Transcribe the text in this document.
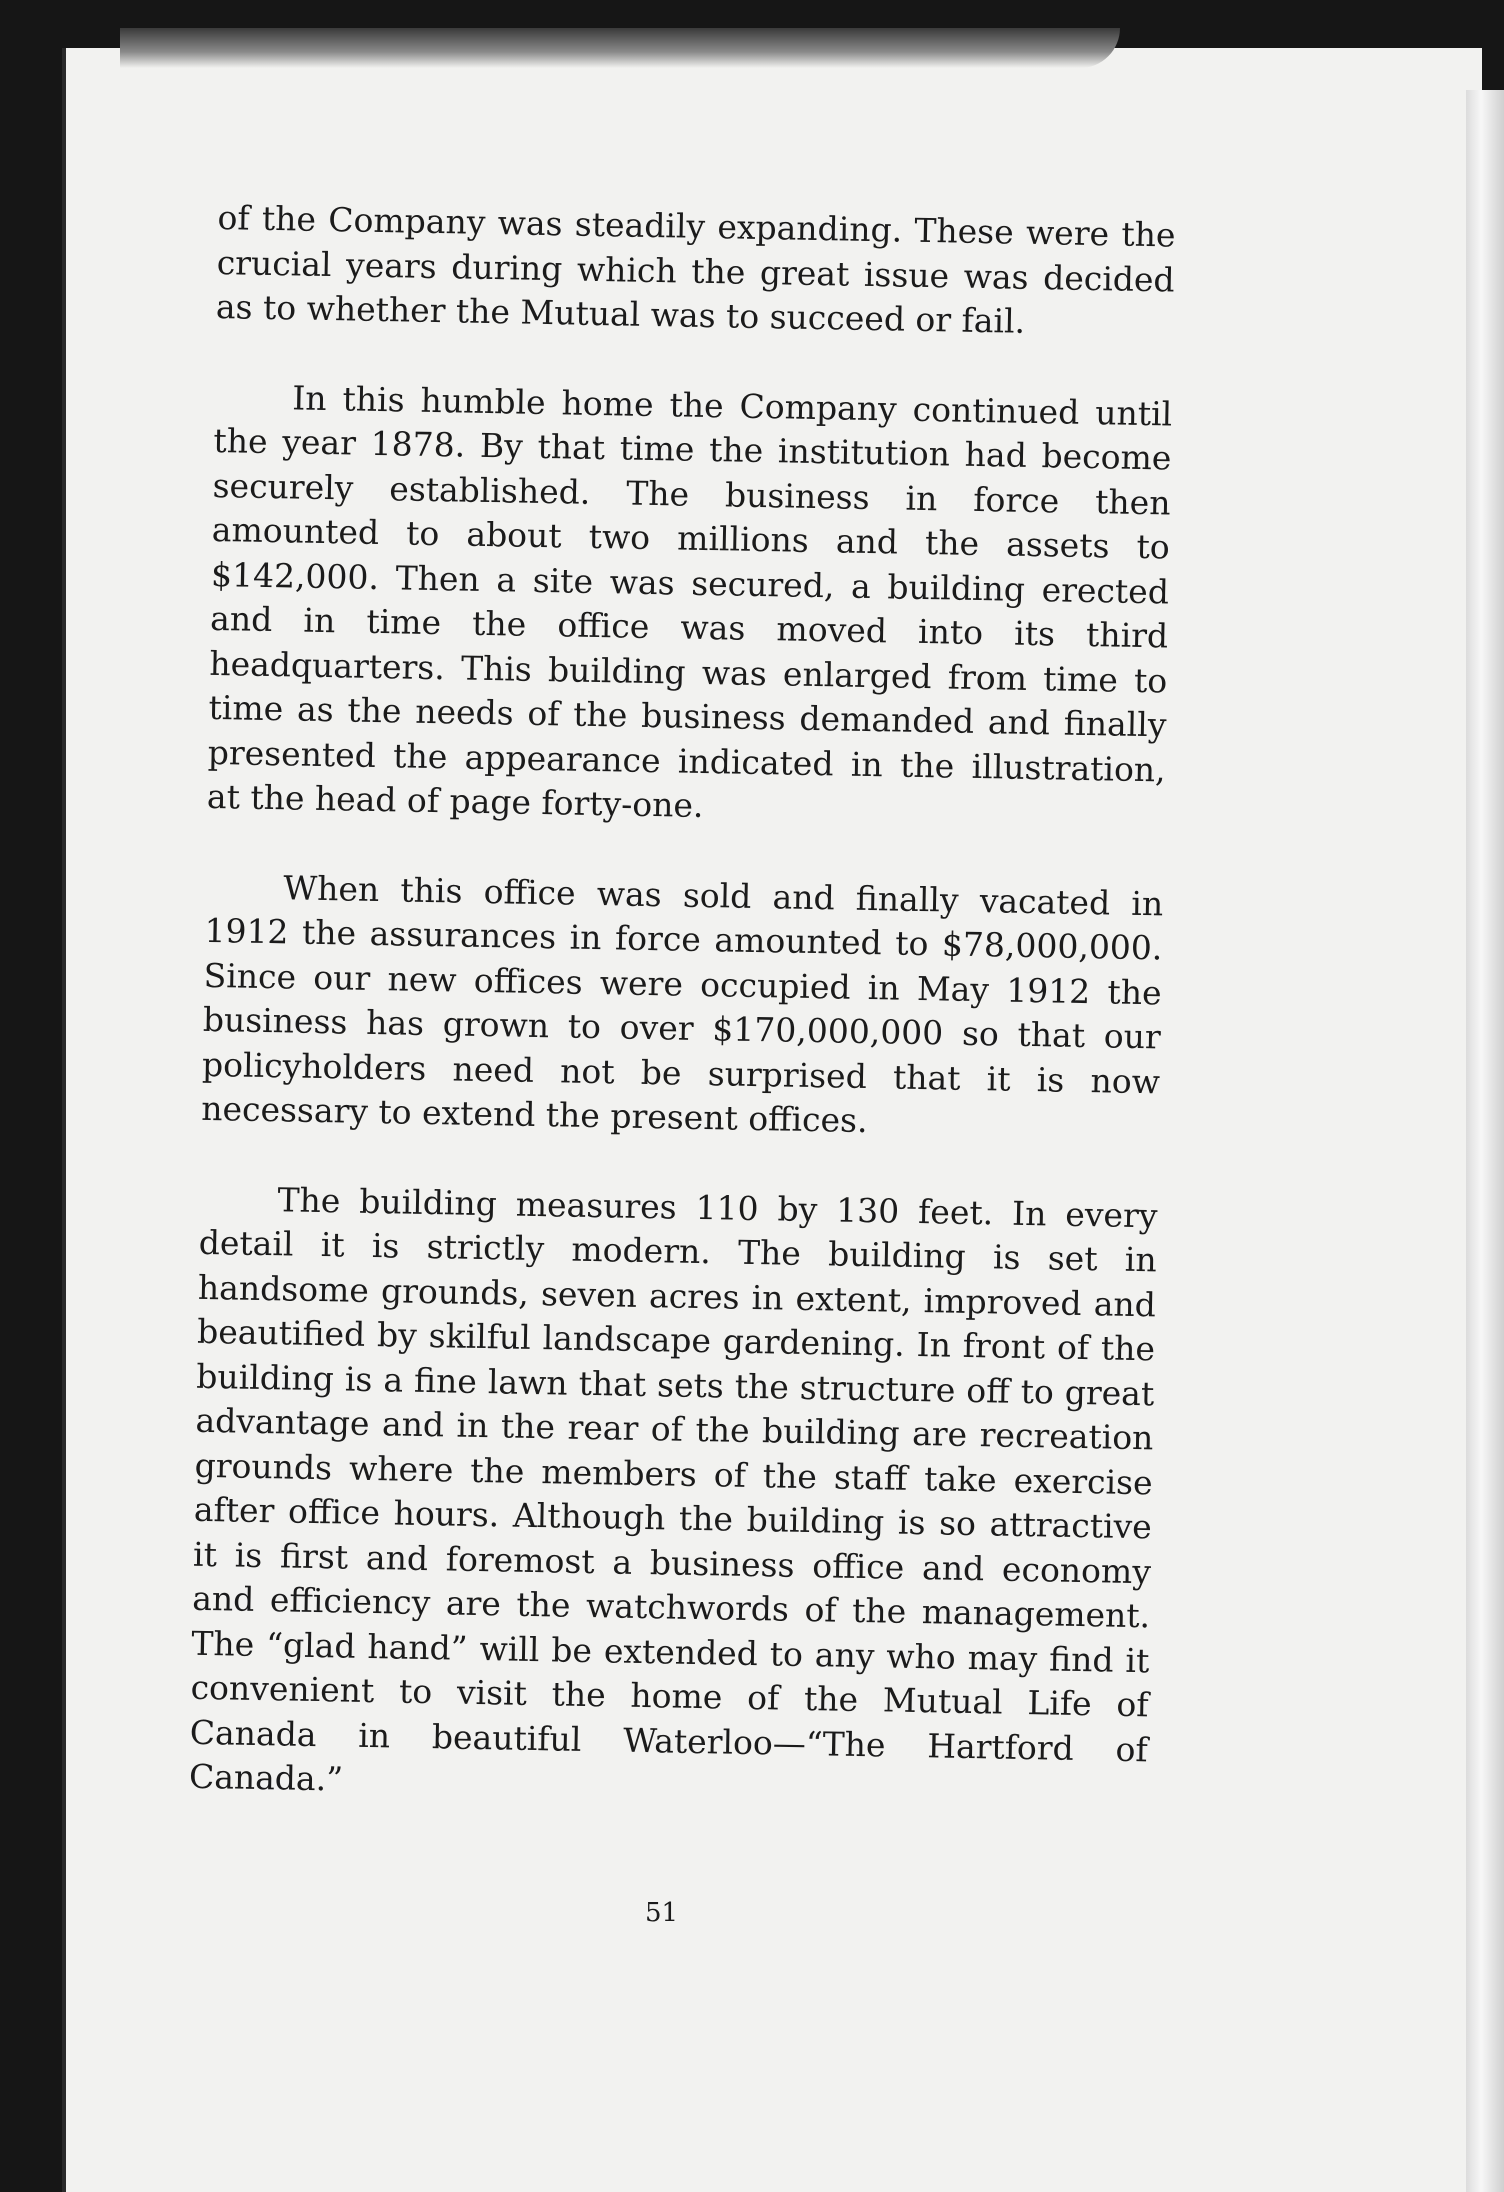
of the Company was steadily expanding. These were the crucial years during which the great issue was decided as to whether the Mutual was to succeed or fail.

In this humble home the Company continued until the year 1878. By that time the institution had become securely established. The business in force then amounted to about two millions and the assets to $142,000. Then a site was secured, a building erected and in time the office was moved into its third headquarters. This building was enlarged from time to time as the needs of the business demanded and finally presented the appearance indicated in the illustration, at the head of page forty-one.

When this office was sold and finally vacated in 1912 the assurances in force amounted to $78,000,000. Since our new offices were occupied in May 1912 the business has grown to over $170,000,000 so that our policyholders need not be surprised that it is now necessary to extend the present offices.

The building measures 110 by 130 feet. In every detail it is strictly modern. The building is set in handsome grounds, seven acres in extent, improved and beautified by skilful landscape gardening. In front of the building is a fine lawn that sets the structure off to great advantage and in the rear of the building are recreation grounds where the members of the staff take exercise after office hours. Although the building is so attractive it is first and foremost a business office and economy and efficiency are the watchwords of the management. The “glad hand” will be extended to any who may find it convenient to visit the home of the Mutual Life of Canada in beautiful Waterloo—“The Hartford of Canada.”

51
